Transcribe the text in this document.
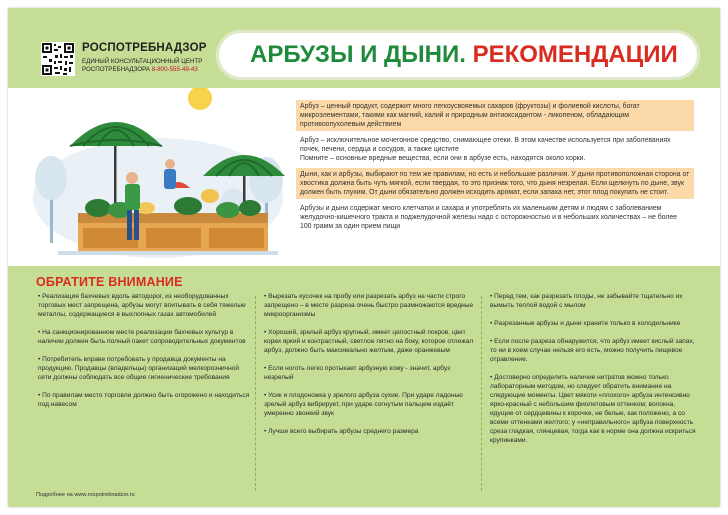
РОСПОТРЕБНАДЗОР
ЕДИНЫЙ КОНСУЛЬТАЦИОННЫЙ ЦЕНТР
РОСПОТРЕБНАДЗОРА 8-800-555-49-43
АРБУЗЫ И ДЫНИ. РЕКОМЕНДАЦИИ
Арбуз – ценный продукт, содержит много легкоусвояемых сахаров (фруктозы) и фолиевой кислоты, богат микроэлементами, такими как магний, калий и природным антиоксидантом - ликопеном, обладающим противоопухолевым действием
Арбуз – исключительное мочегонное средство, снимающее отеки. В этом качестве используется при заболеваниях почек, печени, сердца и сосудов, а также цистите
Помните – основные вредные вещества, если они в арбузе есть, находятся около корки.
Дыни, как и арбузы, выбирают по тем же правилам, но есть и небольшие различия. У дыни противоположная сторона от хвостика должна быть чуть мягкой, если твердая, то это признак того, что дыня незрелая. Если щелкнуть по дыне, звук должен быть глухим. От дыни обязательно должен исходить аромат, если запаха нет, этот плод покупать не стоит.
Арбузы и дыни содержат много клетчатки и сахара и употреблять их маленьким детям и людям с заболеванием желудочно-кишечного тракта и поджелудочной железы надо с осторожностью и в небольших количествах – не более 100 грамм за один прием пищи
ОБРАТИТЕ ВНИМАНИЕ
• Реализация бахчевых вдоль автодорог, из необорудованных торговых мест запрещена, арбузы могут впитывать в себя тяжелые металлы, содержащиеся в выхлопных газах автомобилей
• На санкционированном месте реализации бахчевых культур в наличии должен быть полный пакет сопроводительных документов
• Потребитель вправе потребовать у продавца документы на продукцию. Продавцы (владельцы) организаций мелкорозничной сети должны соблюдать все общие гигиенические требования
• По правилам место торговли должно быть огорожено и находиться под навесом
• Вырезать кусочек на пробу или разрезать арбуз на части строго запрещено – в месте разреза очень быстро размножаются вредные микроорганизмы
• Хороший, зрелый арбуз крупный, имеет целостный покров, цвет корки яркий и контрастный, светлое пятно на боку, которое отлежал арбуз, должно быть максимально желтым, даже оранжевым
• Если ноготь легко протыкает арбузную кожу - значит, арбуз незрелый
• Усик и плодоножка у зрелого арбуза сухие. При ударе ладонью зрелый арбуз вибрирует, при ударе согнутым пальцем издаёт умеренно звонкий звук
• Лучше всего выбирать арбузы среднего размера
• Перед тем, как разрезать плоды, не забывайте тщательно их вымыть теплой водой с мылом
• Разрезанные арбузы и дыни храните только в холодильнике
• Если после разреза обнаружится, что арбуз имеет кислый запах, то ни в коем случае нельзя его есть, можно получить пищевое отравление.
• Достоверно определить наличие нитратов можно только лабораторным методом, но следует обратить внимание на следующие моменты. Цвет мякоти «плохого» арбуза интенсивно ярко-красный с небольшим фиолетовым оттенком; волокна, идущие от сердцевины к корочке, не белые, как положено, а со всеми оттенками желтого; у «неправильного» арбуза поверхность среза гладкая, глянцевая, тогда как в норме она должна искриться крупинками.
Подробнее на www.rospotrebnadzor.ru
